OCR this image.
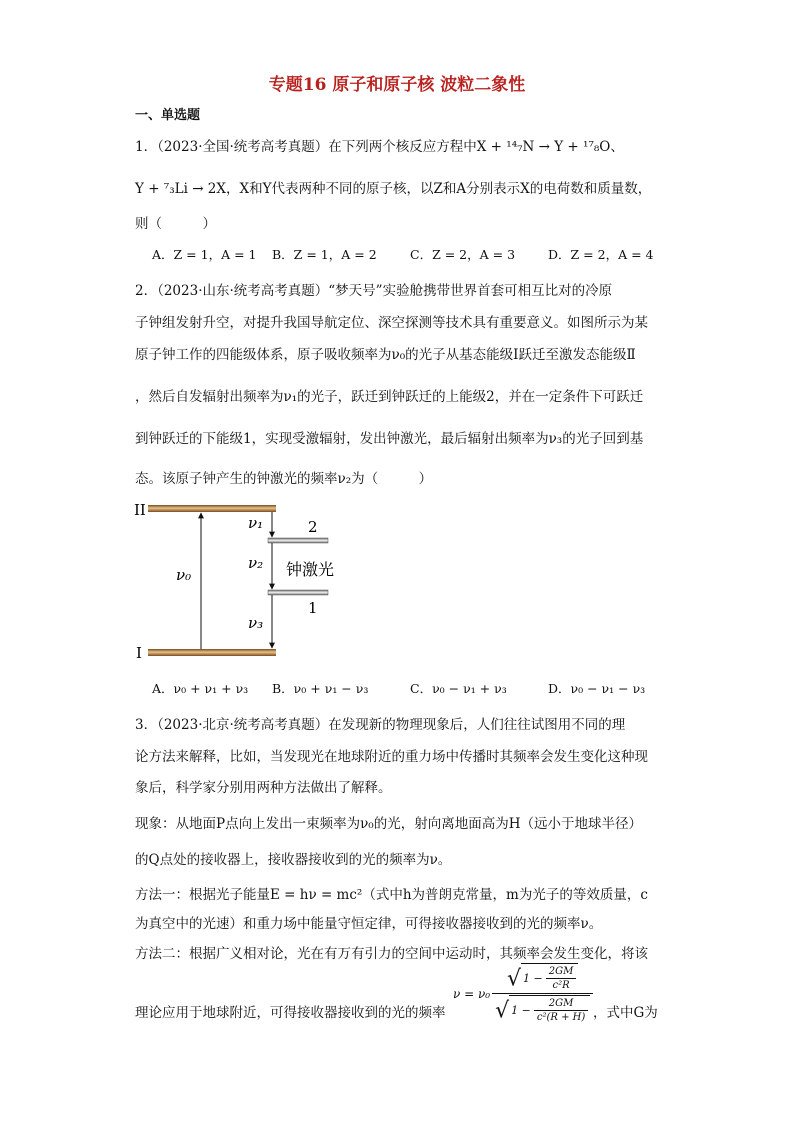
专题16 原子和原子核 波粒二象性
一、单选题
1．（2023·全国·统考高考真题）在下列两个核反应方程中X + ¹⁴₇N → Y + ¹⁷₈O、
Y + ⁷₃Li → 2X，X和Y代表两种不同的原子核，以Z和A分别表示X的电荷数和质量数，
则（　　　）
A．Z = 1，A = 1 B．Z = 1，A = 2	C．Z = 2，A = 3	D．Z = 2，A = 4
2．（2023·山东·统考高考真题）“梦天号”实验舱携带世界首套可相互比对的冷原
子钟组发射升空，对提升我国导航定位、深空探测等技术具有重要意义。如图所示为某
原子钟工作的四能级体系，原子吸收频率为ν₀的光子从基态能级Ⅰ跃迁至激发态能级Ⅱ
，然后自发辐射出频率为ν₁的光子，跃迁到钟跃迁的上能级2，并在一定条件下可跃迁
到钟跃迁的下能级1，实现受激辐射，发出钟激光，最后辐射出频率为ν₃的光子回到基
态。该原子钟产生的钟激光的频率ν₂为（　　　）
II
I
2
1
ν₀
ν₁
ν₂
ν₃
钟激光
A．ν₀ + ν₁ + ν₃ B．ν₀ + ν₁ − ν₃	C．ν₀ − ν₁ + ν₃	D．ν₀ − ν₁ − ν₃
3．（2023·北京·统考高考真题）在发现新的物理现象后，人们往往试图用不同的理
论方法来解释，比如，当发现光在地球附近的重力场中传播时其频率会发生变化这种现
象后，科学家分别用两种方法做出了解释。
现象：从地面P点向上发出一束频率为ν₀的光，射向离地面高为H（远小于地球半径）
的Q点处的接收器上，接收器接收到的光的频率为ν。
方法一：根据光子能量E = hν = mc²（式中h为普朗克常量，m为光子的等效质量，c
为真空中的光速）和重力场中能量守恒定律，可得接收器接收到的光的频率ν。
方法二：根据广义相对论，光在有万有引力的空间中运动时，其频率会发生变化，将该
理论应用于地球附近，可得接收器接收到的光的频率
$\nu = \nu_0 \frac{√ 1 - \frac{2GM}{\text{c²R}}}{√ 1 - \frac{2GM}{\text{c²(R + H)}}}$ ，式中G为
